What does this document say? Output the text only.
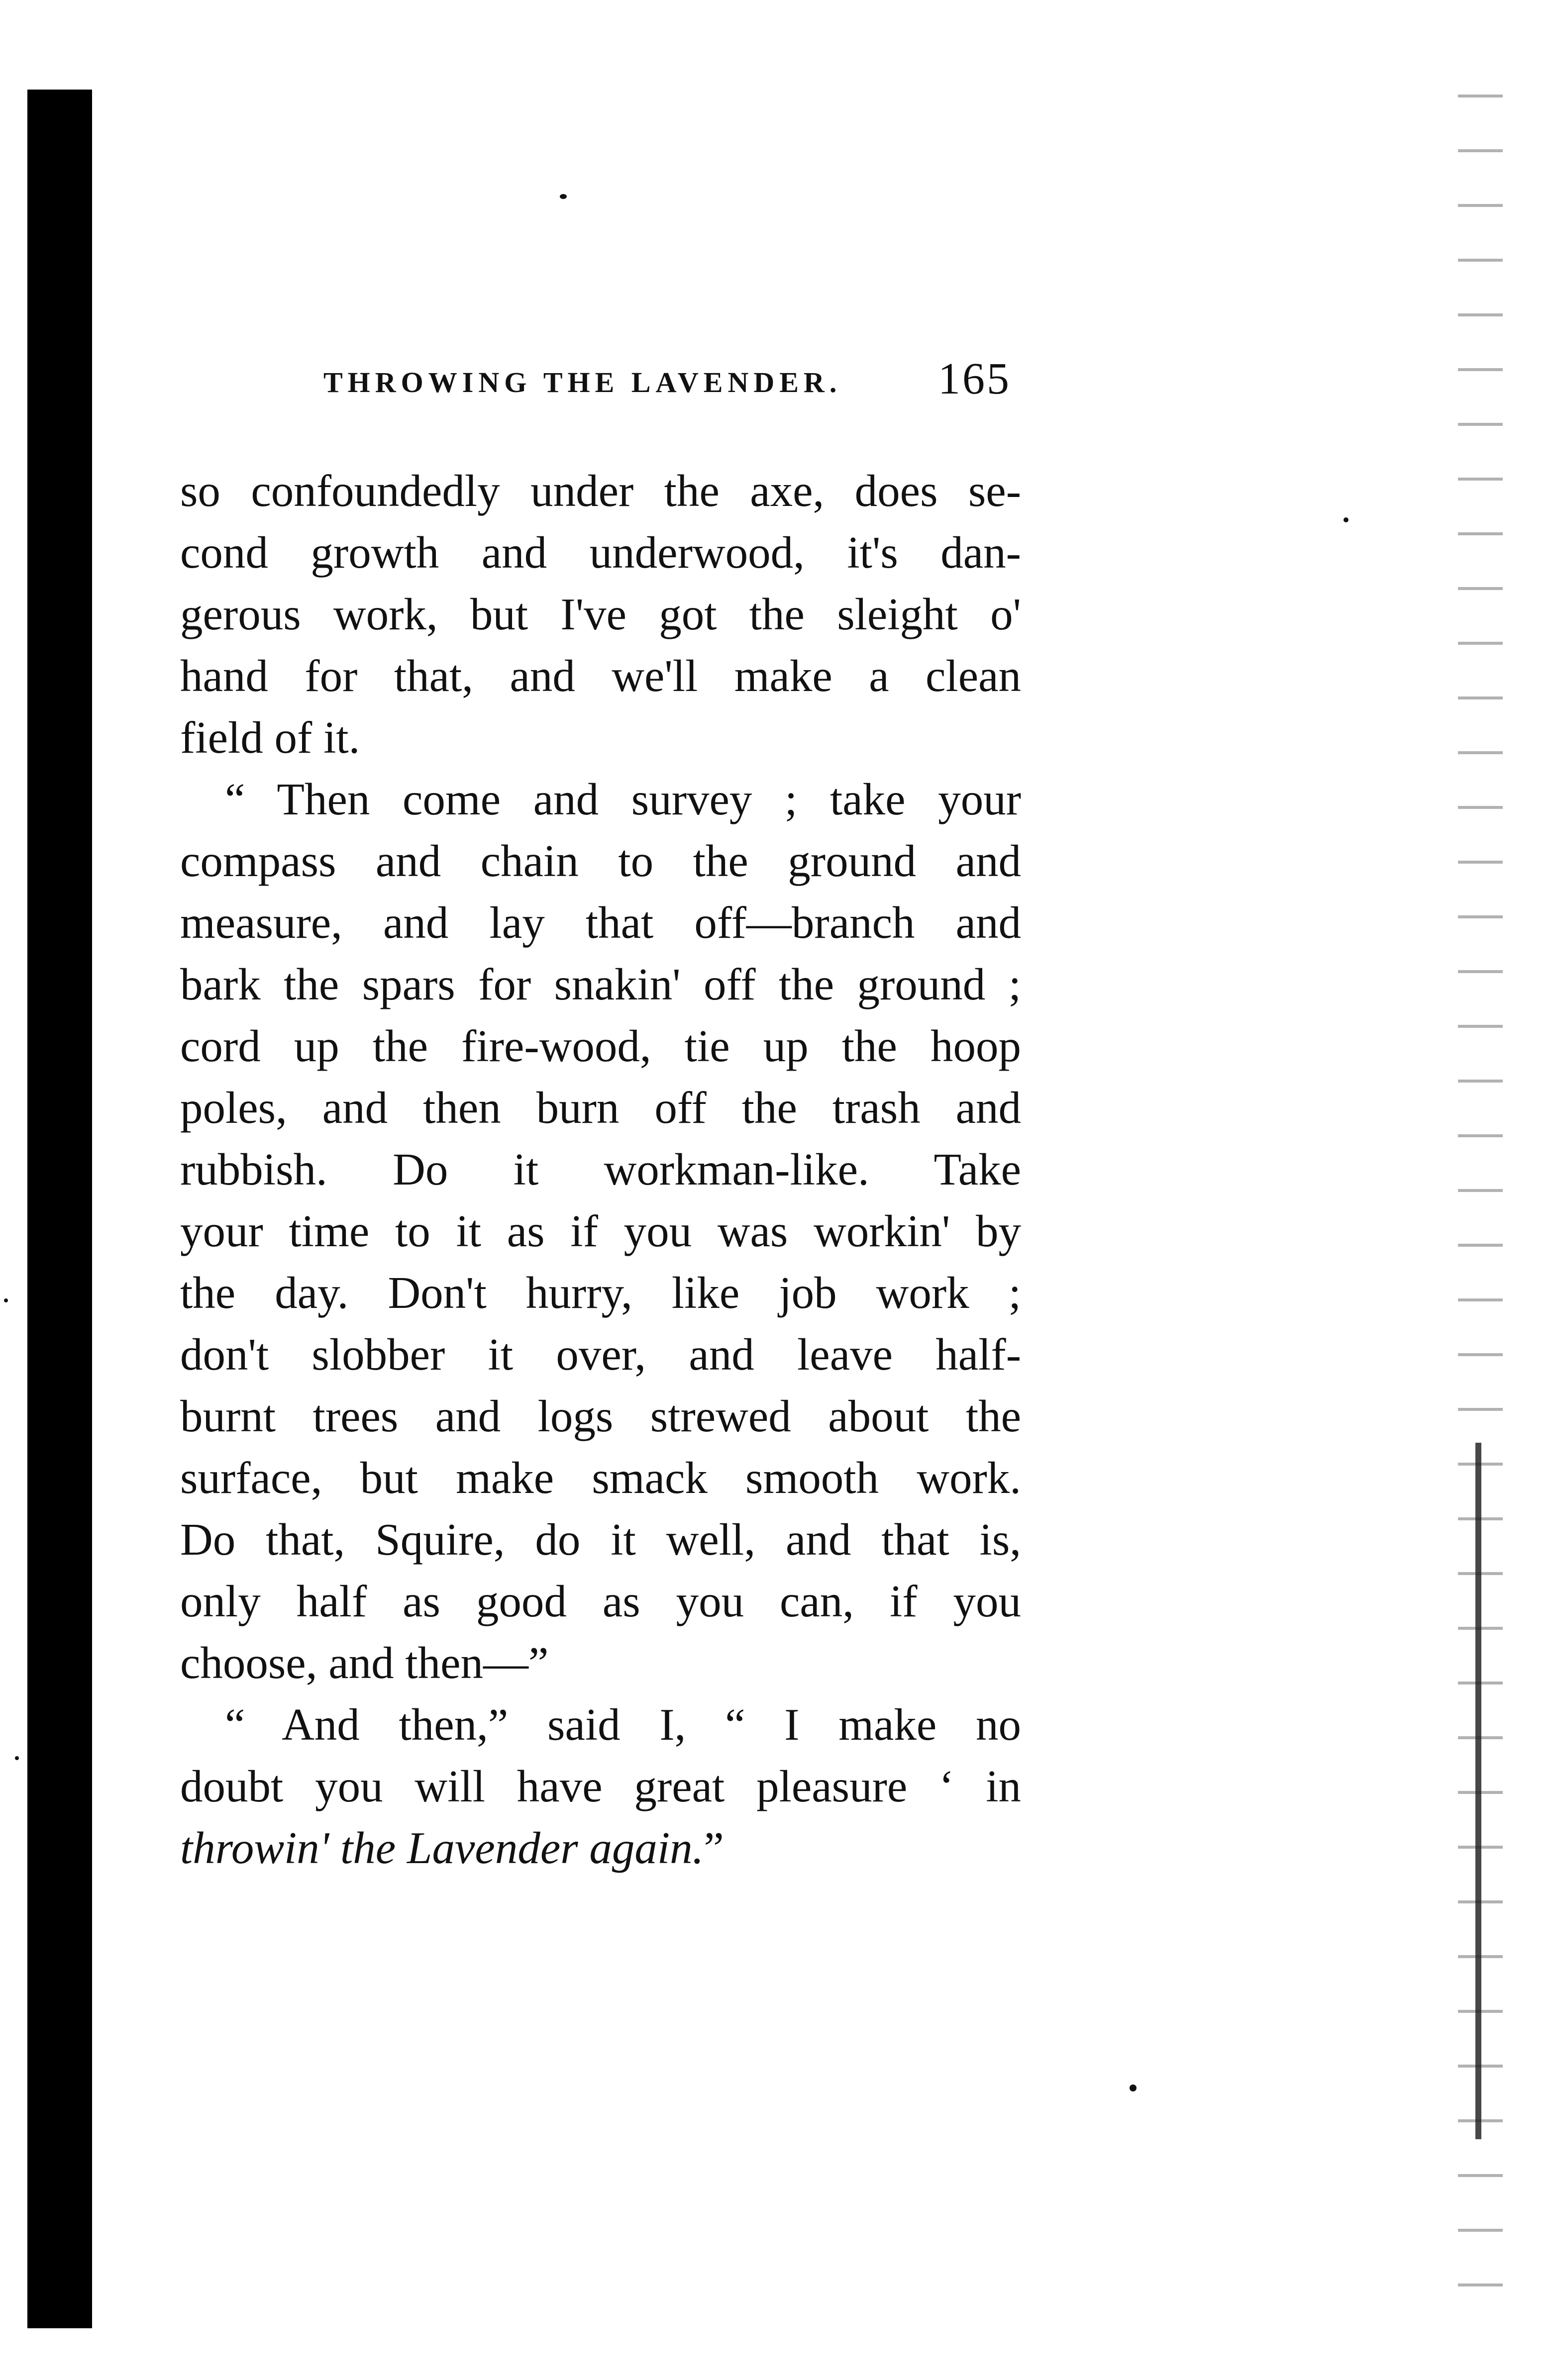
THROWING THE LAVENDER.	165
so confoundedly under the axe, does se-
cond growth and underwood, it's dan-
gerous work, but I've got the sleight o'
hand for that, and we'll make a clean
field of it.
“ Then come and survey ; take your
compass and chain to the ground and
measure, and lay that off—branch and
bark the spars for snakin' off the ground ;
cord up the fire-wood, tie up the hoop
poles, and then burn off the trash and
rubbish. Do it workman-like. Take
your time to it as if you was workin' by
the day. Don't hurry, like job work ;
don't slobber it over, and leave half-
burnt trees and logs strewed about the
surface, but make smack smooth work.
Do that, Squire, do it well, and that is,
only half as good as you can, if you
choose, and then—”
“ And then,” said I, “ I make no
doubt you will have great pleasure ‘ in
throwin' the Lavender again.”
